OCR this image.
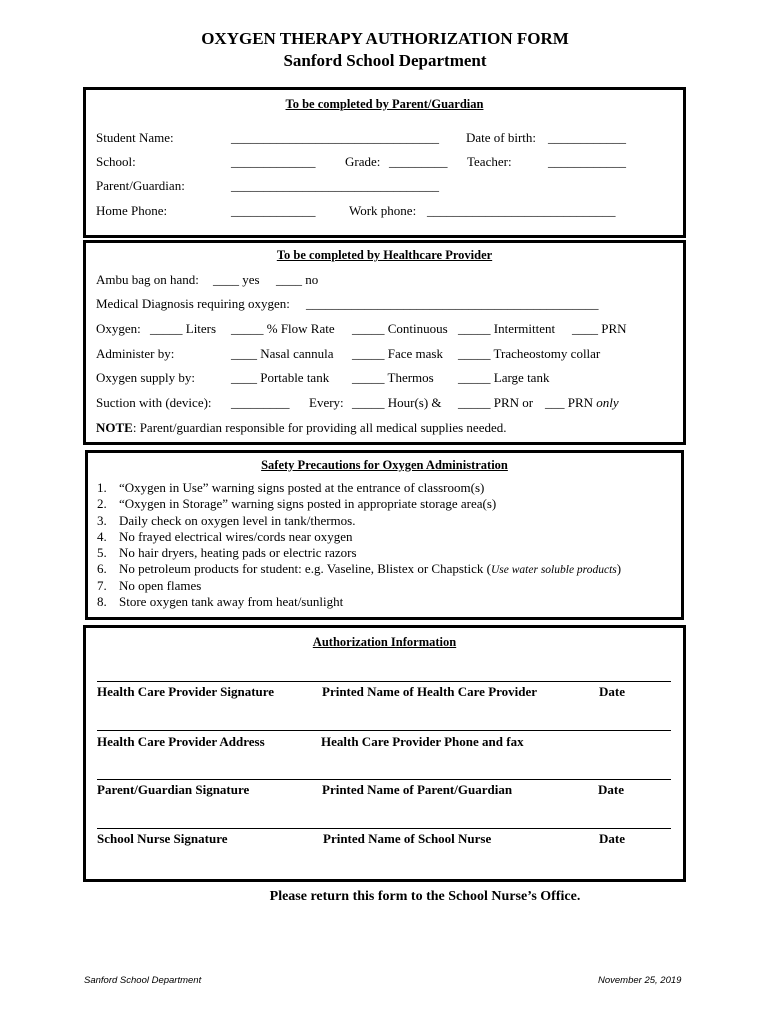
OXYGEN THERAPY AUTHORIZATION FORM
Sanford School Department
To be completed by Parent/Guardian
Student Name:	________________________________ Date of birth: ____________
School:	_____________ Grade: _________ Teacher:	____________
Parent/Guardian:	________________________________
Home Phone:	_____________	Work phone: _____________________________
To be completed by Healthcare Provider
Ambu bag on hand: ____ yes ____ no
Medical Diagnosis requiring oxygen: _____________________________________________
Oxygen: _____ Liters _____ % Flow Rate _____ Continuous _____ Intermittent ____ PRN
Administer by:	____ Nasal cannula _____ Face mask _____ Tracheostomy collar
Oxygen supply by:	____ Portable tank _____ Thermos _____ Large tank
Suction with (device): _________ Every: _____ Hour(s) & _____ PRN or ___ PRN only
NOTE: Parent/guardian responsible for providing all medical supplies needed.
Safety Precautions for Oxygen Administration
1. “Oxygen in Use” warning signs posted at the entrance of classroom(s)
2. “Oxygen in Storage” warning signs posted in appropriate storage area(s)
3. Daily check on oxygen level in tank/thermos.
4. No frayed electrical wires/cords near oxygen
5. No hair dryers, heating pads or electric razors
6. No petroleum products for student: e.g. Vaseline, Blistex or Chapstick (Use water soluble products)
7. No open flames
8. Store oxygen tank away from heat/sunlight
Authorization Information
Health Care Provider Signature	Printed Name of Health Care Provider	Date
Health Care Provider Address	Health Care Provider Phone and fax
Parent/Guardian Signature	Printed Name of Parent/Guardian	Date
School Nurse Signature	Printed Name of School Nurse	Date
Please return this form to the School Nurse’s Office.
Sanford School Department	November 25, 2019
